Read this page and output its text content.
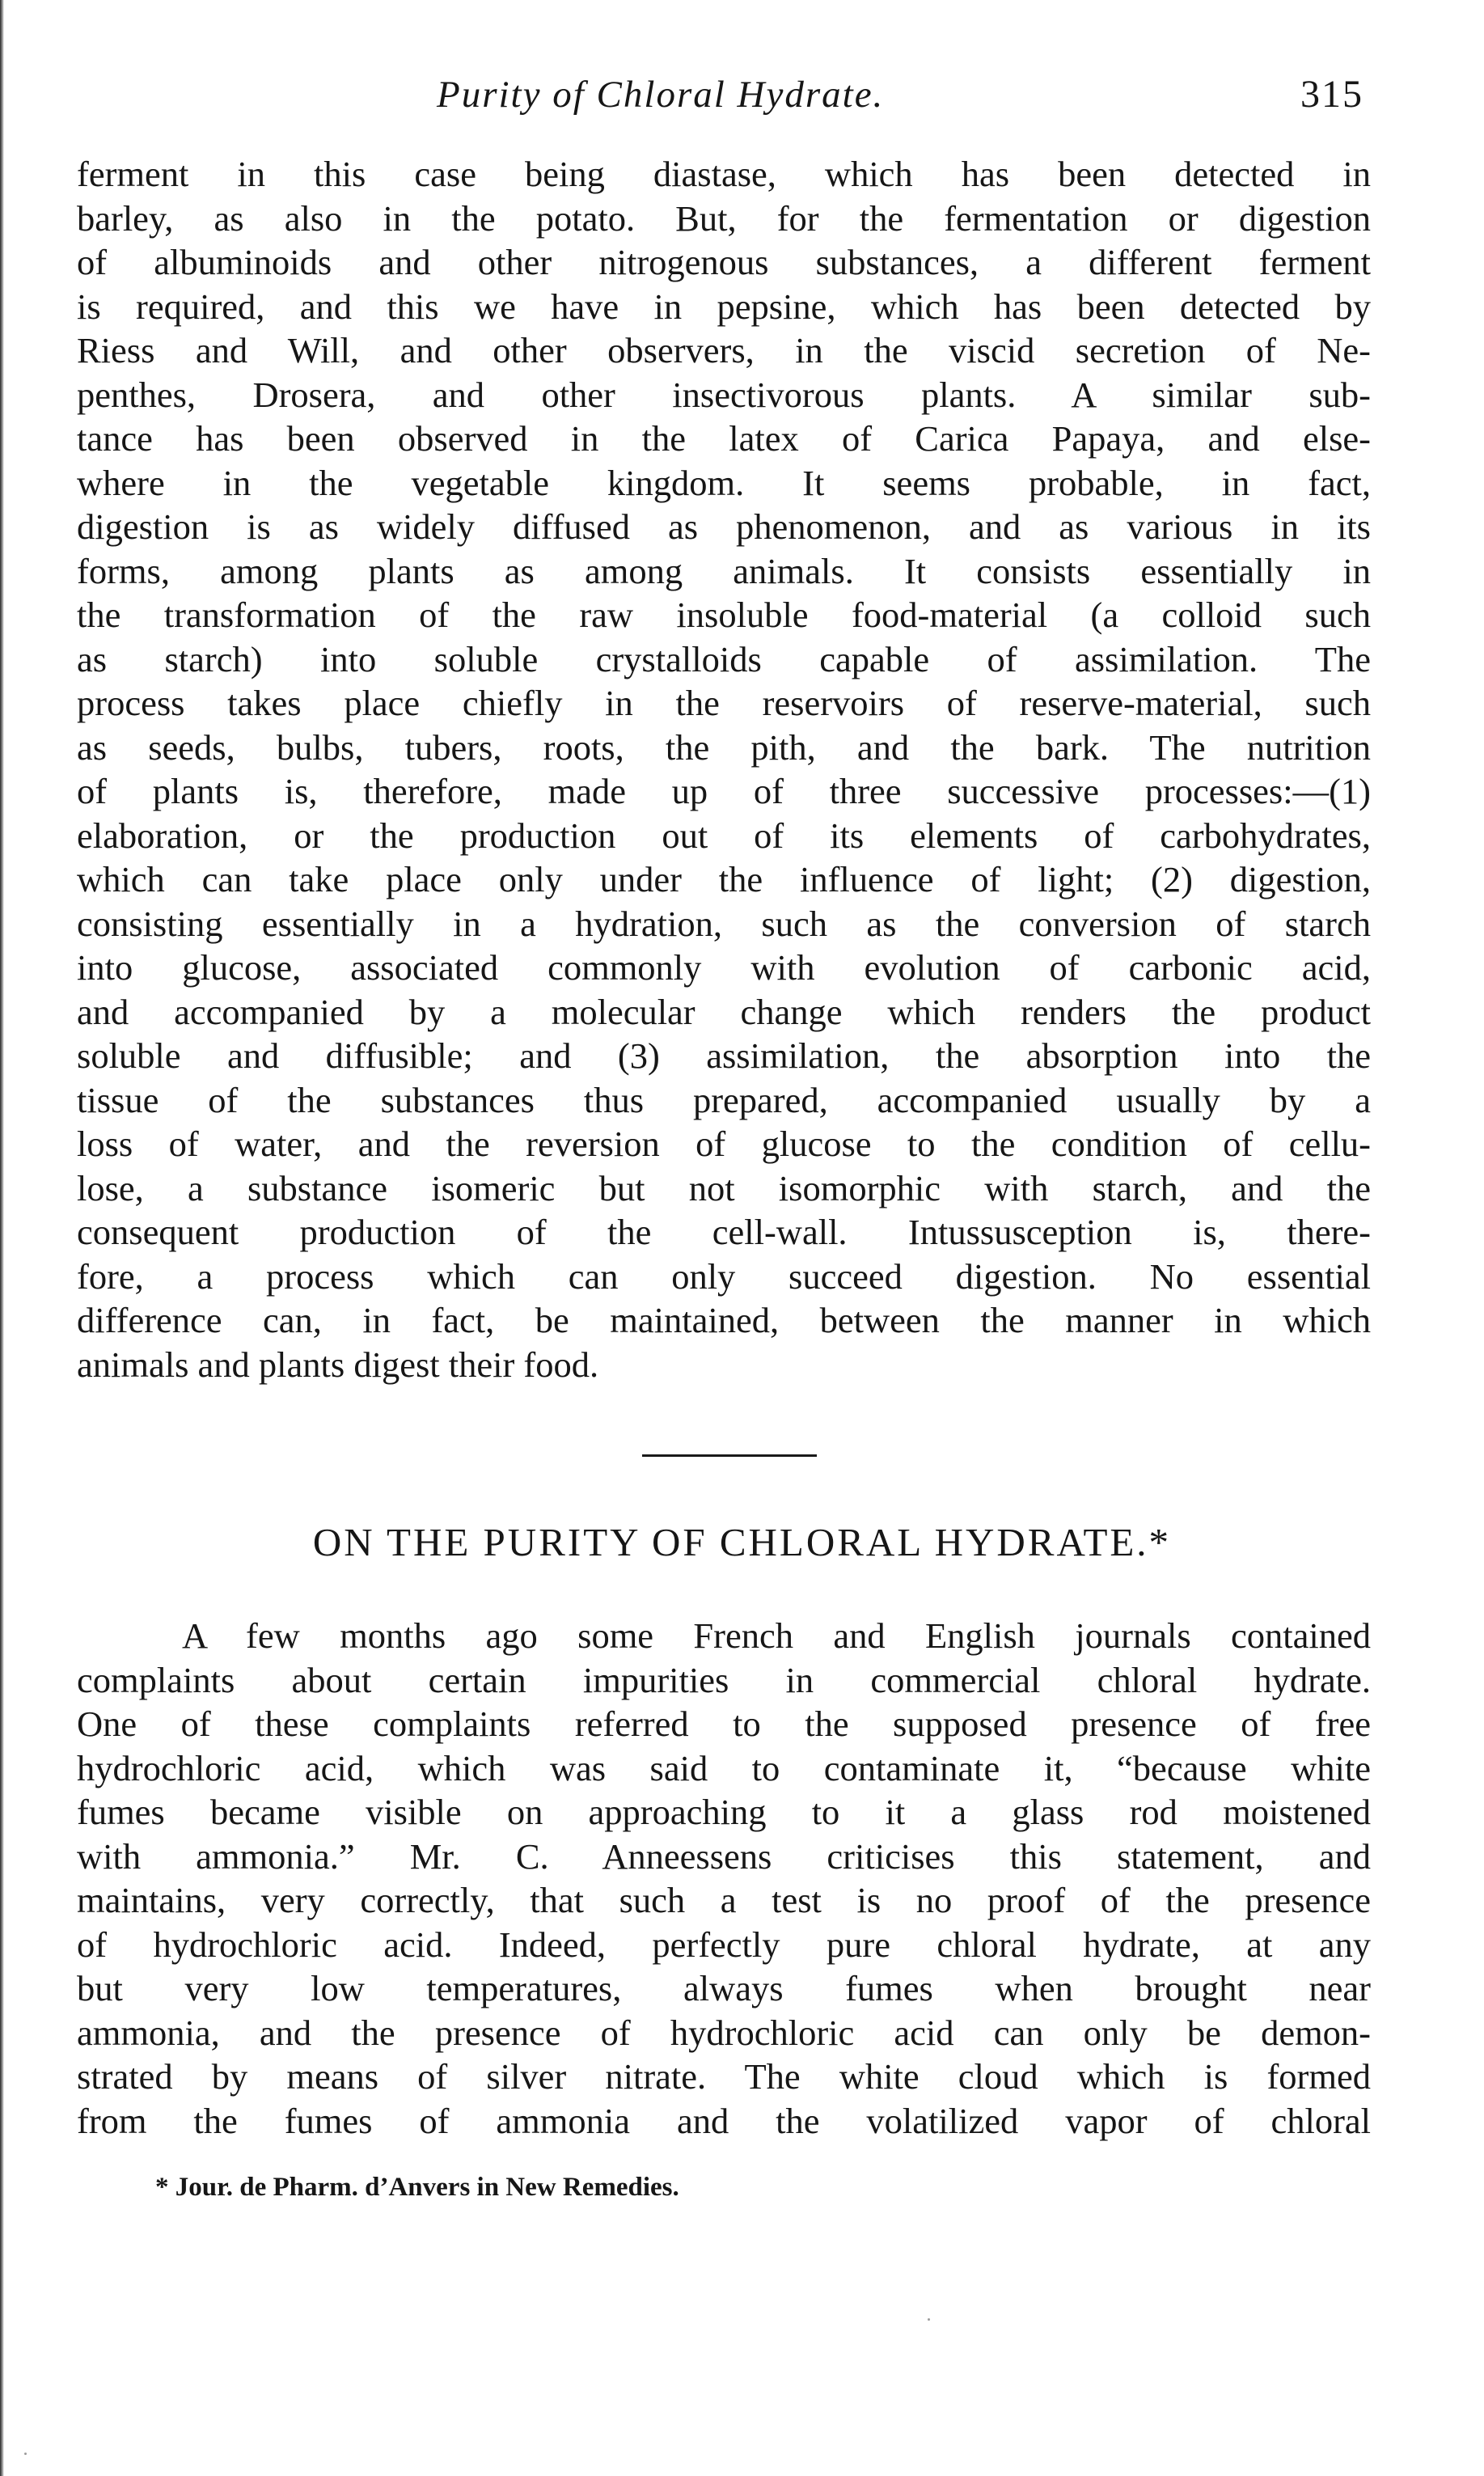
Purity of Chloral Hydrate.	315
ferment in this case being diastase, which has been detected in
barley, as also in the potato. But, for the fermentation or digestion
of albuminoids and other nitrogenous substances, a different ferment
is required, and this we have in pepsine, which has been detected by
Riess and Will, and other observers, in the viscid secretion of Ne-
penthes, Drosera, and other insectivorous plants. A similar sub-
tance has been observed in the latex of Carica Papaya, and else-
where in the vegetable kingdom. It seems probable, in fact,
digestion is as widely diffused as phenomenon, and as various in its
forms, among plants as among animals. It consists essentially in
the transformation of the raw insoluble food-material (a colloid such
as starch) into soluble crystalloids capable of assimilation. The
process takes place chiefly in the reservoirs of reserve-material, such
as seeds, bulbs, tubers, roots, the pith, and the bark. The nutrition
of plants is, therefore, made up of three successive processes:—(1)
elaboration, or the production out of its elements of carbohydrates,
which can take place only under the influence of light; (2) digestion,
consisting essentially in a hydration, such as the conversion of starch
into glucose, associated commonly with evolution of carbonic acid,
and accompanied by a molecular change which renders the product
soluble and diffusible; and (3) assimilation, the absorption into the
tissue of the substances thus prepared, accompanied usually by a
loss of water, and the reversion of glucose to the condition of cellu-
lose, a substance isomeric but not isomorphic with starch, and the
consequent production of the cell-wall. Intussusception is, there-
fore, a process which can only succeed digestion. No essential
difference can, in fact, be maintained, between the manner in which
animals and plants digest their food.
ON THE PURITY OF CHLORAL HYDRATE.*
A few months ago some French and English journals contained
complaints about certain impurities in commercial chloral hydrate.
One of these complaints referred to the supposed presence of free
hydrochloric acid, which was said to contaminate it, “because white
fumes became visible on approaching to it a glass rod moistened
with ammonia.” Mr. C. Anneessens criticises this statement, and
maintains, very correctly, that such a test is no proof of the presence
of hydrochloric acid. Indeed, perfectly pure chloral hydrate, at any
but very low temperatures, always fumes when brought near
ammonia, and the presence of hydrochloric acid can only be demon-
strated by means of silver nitrate. The white cloud which is formed
from the fumes of ammonia and the volatilized vapor of chloral
* Jour. de Pharm. d’Anvers in New Remedies.
